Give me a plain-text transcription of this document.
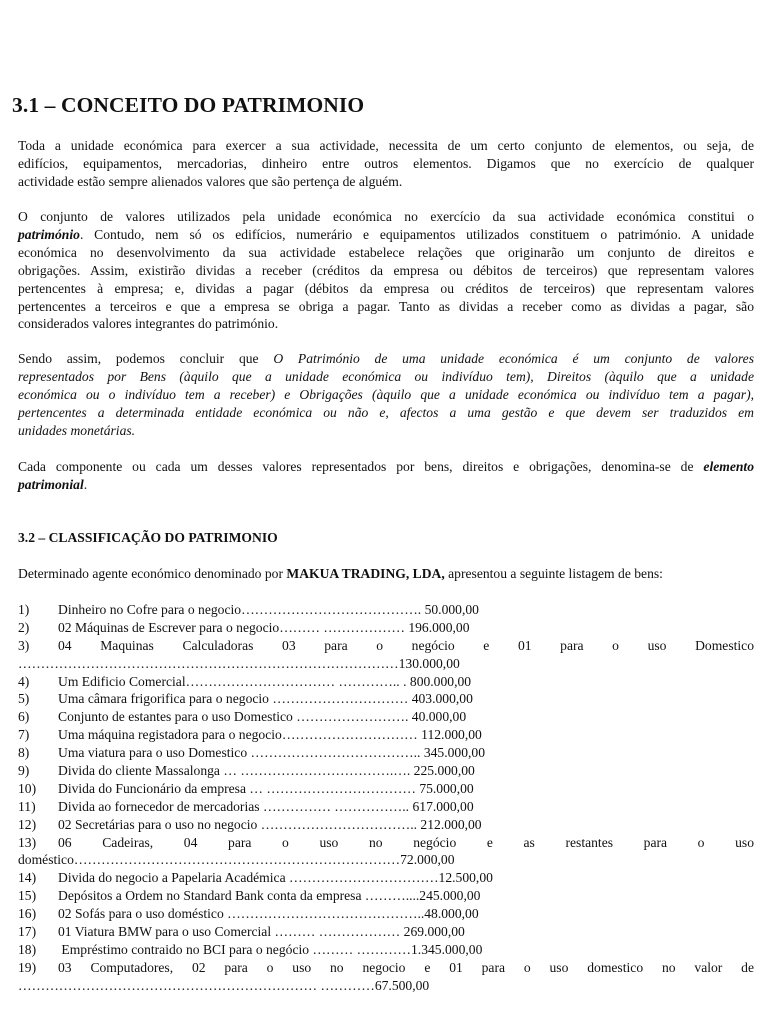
3.1 – CONCEITO DO PATRIMONIO
Toda a unidade económica para exercer a sua actividade, necessita de um certo conjunto de elementos, ou seja, de
edifícios, equipamentos, mercadorias, dinheiro entre outros elementos. Digamos que no exercício de qualquer
actividade estão sempre alienados valores que são pertença de alguém.
O conjunto de valores utilizados pela unidade económica no exercício da sua actividade económica constitui o
património. Contudo, nem só os edifícios, numerário e equipamentos utilizados constituem o património. A unidade
económica no desenvolvimento da sua actividade estabelece relações que originarão um conjunto de direitos e
obrigações. Assim, existirão dividas a receber (créditos da empresa ou débitos de terceiros) que representam valores
pertencentes à empresa; e, dividas a pagar (débitos da empresa ou créditos de terceiros) que representam valores
pertencentes a terceiros e que a empresa se obriga a pagar. Tanto as dividas a receber como as dividas a pagar, são
considerados valores integrantes do património.
Sendo assim, podemos concluir que O Património de uma unidade económica é um conjunto de valores
representados por Bens (àquilo que a unidade económica ou indivíduo tem), Direitos (àquilo que a unidade
económica ou o indivíduo tem a receber) e Obrigações (àquilo que a unidade económica ou indivíduo tem a pagar),
pertencentes a determinada entidade económica ou não e, afectos a uma gestão e que devem ser traduzidos em
unidades monetárias.
Cada componente ou cada um desses valores representados por bens, direitos e obrigações, denomina-se de elemento
patrimonial.
3.2 – CLASSIFICAÇÃO DO PATRIMONIO
Determinado agente económico denominado por MAKUA TRADING, LDA, apresentou a seguinte listagem de bens:
1) Dinheiro no Cofre para o negocio…………………………………. 50.000,00
2) 02 Máquinas de Escrever para o negocio……… ……………… 196.000,00
3) 04 Maquinas Calculadoras 03 para o negócio e 01 para o uso Domestico
…………………………………………………………………………130.000,00
4) Um Edificio Comercial…………………………… ………….. . 800.000,00
5) Uma câmara frigorifica para o negocio ………………………… 403.000,00
6) Conjunto de estantes para o uso Domestico ……………………. 40.000,00
7) Uma máquina registadora para o negocio………………………… 112.000,00
8) Uma viatura para o uso Domestico ……………………………….. 345.000,00
9) Divida do cliente Massalonga … …………………………….…. 225.000,00
10) Divida do Funcionário da empresa … …………………………… 75.000,00
11) Divida ao fornecedor de mercadorias …………… …………….. 617.000,00
12) 02 Secretárias para o uso no negocio …………………………….. 212.000,00
13) 06 Cadeiras, 04 para o uso no negócio e as restantes para o uso
doméstico………………………………………………………………72.000,00
14) Divida do negocio a Papelaria Académica ……………………………12.500,00
15) Depósitos a Ordem no Standard Bank conta da empresa ………....245.000,00
16) 02 Sofás para o uso doméstico ……………………………………..48.000,00
17) 01 Viatura BMW para o uso Comercial ……… ……………… 269.000,00
18) Empréstimo contraido no BCI para o negócio ……… …………1.345.000,00
19) 03 Computadores, 02 para o uso no negocio e 01 para o uso domestico no valor de
………………………………………………………… …………67.500,00
